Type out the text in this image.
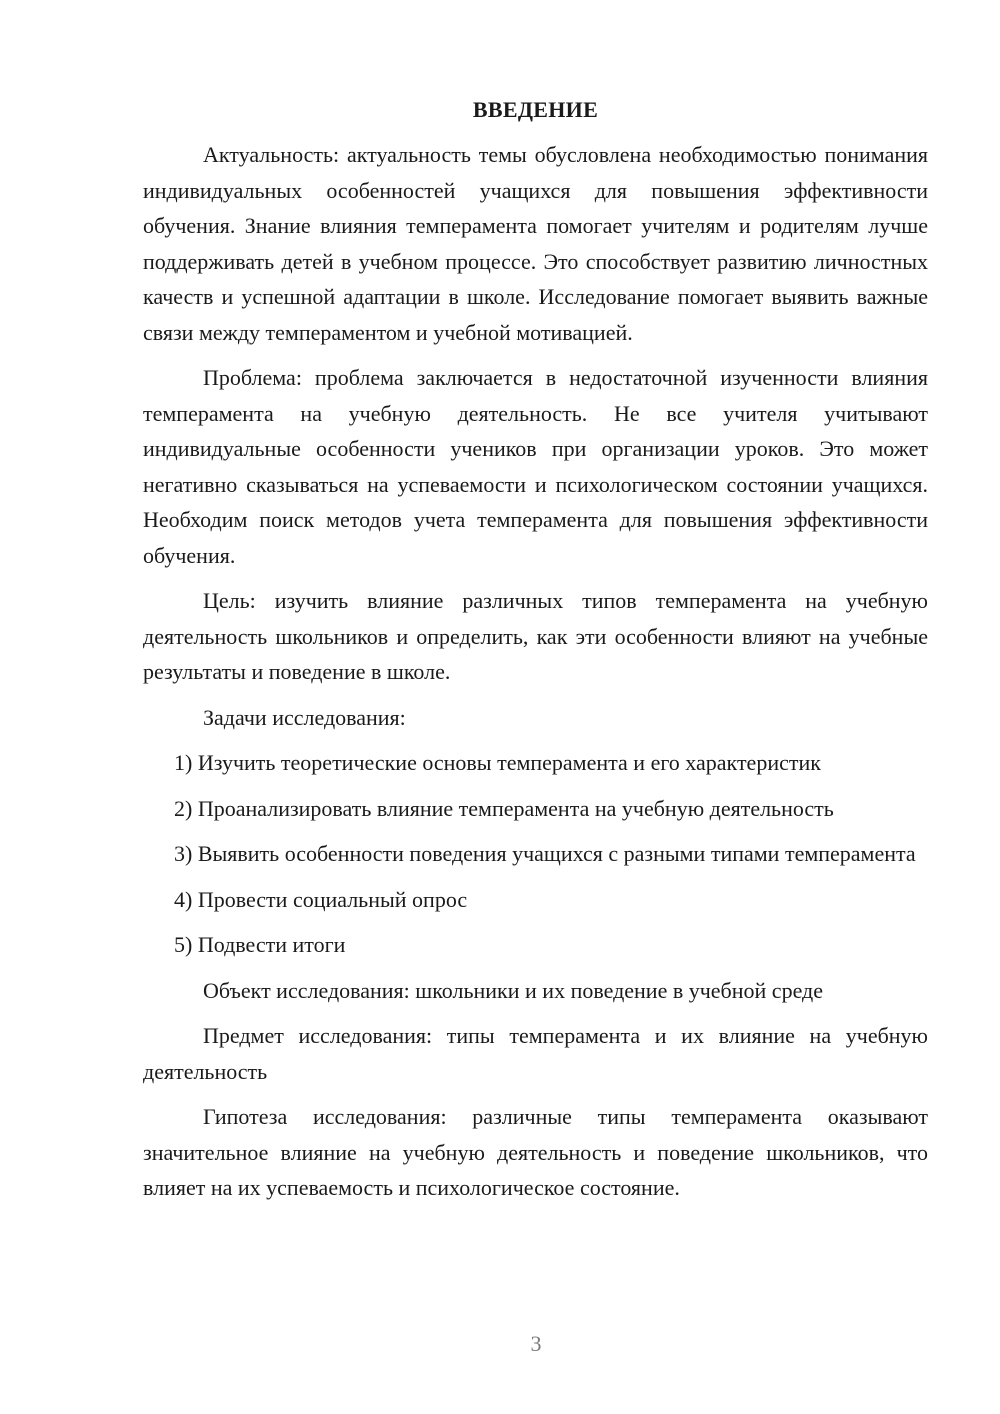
ВВЕДЕНИЕ

Актуальность: актуальность темы обусловлена необходимостью понимания индивидуальных особенностей учащихся для повышения эффективности обучения. Знание влияния темперамента помогает учителям и родителям лучше поддерживать детей в учебном процессе. Это способствует развитию личностных качеств и успешной адаптации в школе. Исследование помогает выявить важные связи между темпераментом и учебной мотивацией.

Проблема: проблема заключается в недостаточной изученности влияния темперамента на учебную деятельность. Не все учителя учитывают индивидуальные особенности учеников при организации уроков. Это может негативно сказываться на успеваемости и психологическом состоянии учащихся. Необходим поиск методов учета темперамента для повышения эффективности обучения.

Цель: изучить влияние различных типов темперамента на учебную деятельность школьников и определить, как эти особенности влияют на учебные результаты и поведение в школе.

Задачи исследования:

1) Изучить теоретические основы темперамента и его характеристик

2) Проанализировать влияние темперамента на учебную деятельность

3) Выявить особенности поведения учащихся с разными типами темперамента

4) Провести социальный опрос

5) Подвести итоги

Объект исследования: школьники и их поведение в учебной среде

Предмет исследования: типы темперамента и их влияние на учебную деятельность

Гипотеза исследования: различные типы темперамента оказывают значительное влияние на учебную деятельность и поведение школьников, что влияет на их успеваемость и психологическое состояние.

3
